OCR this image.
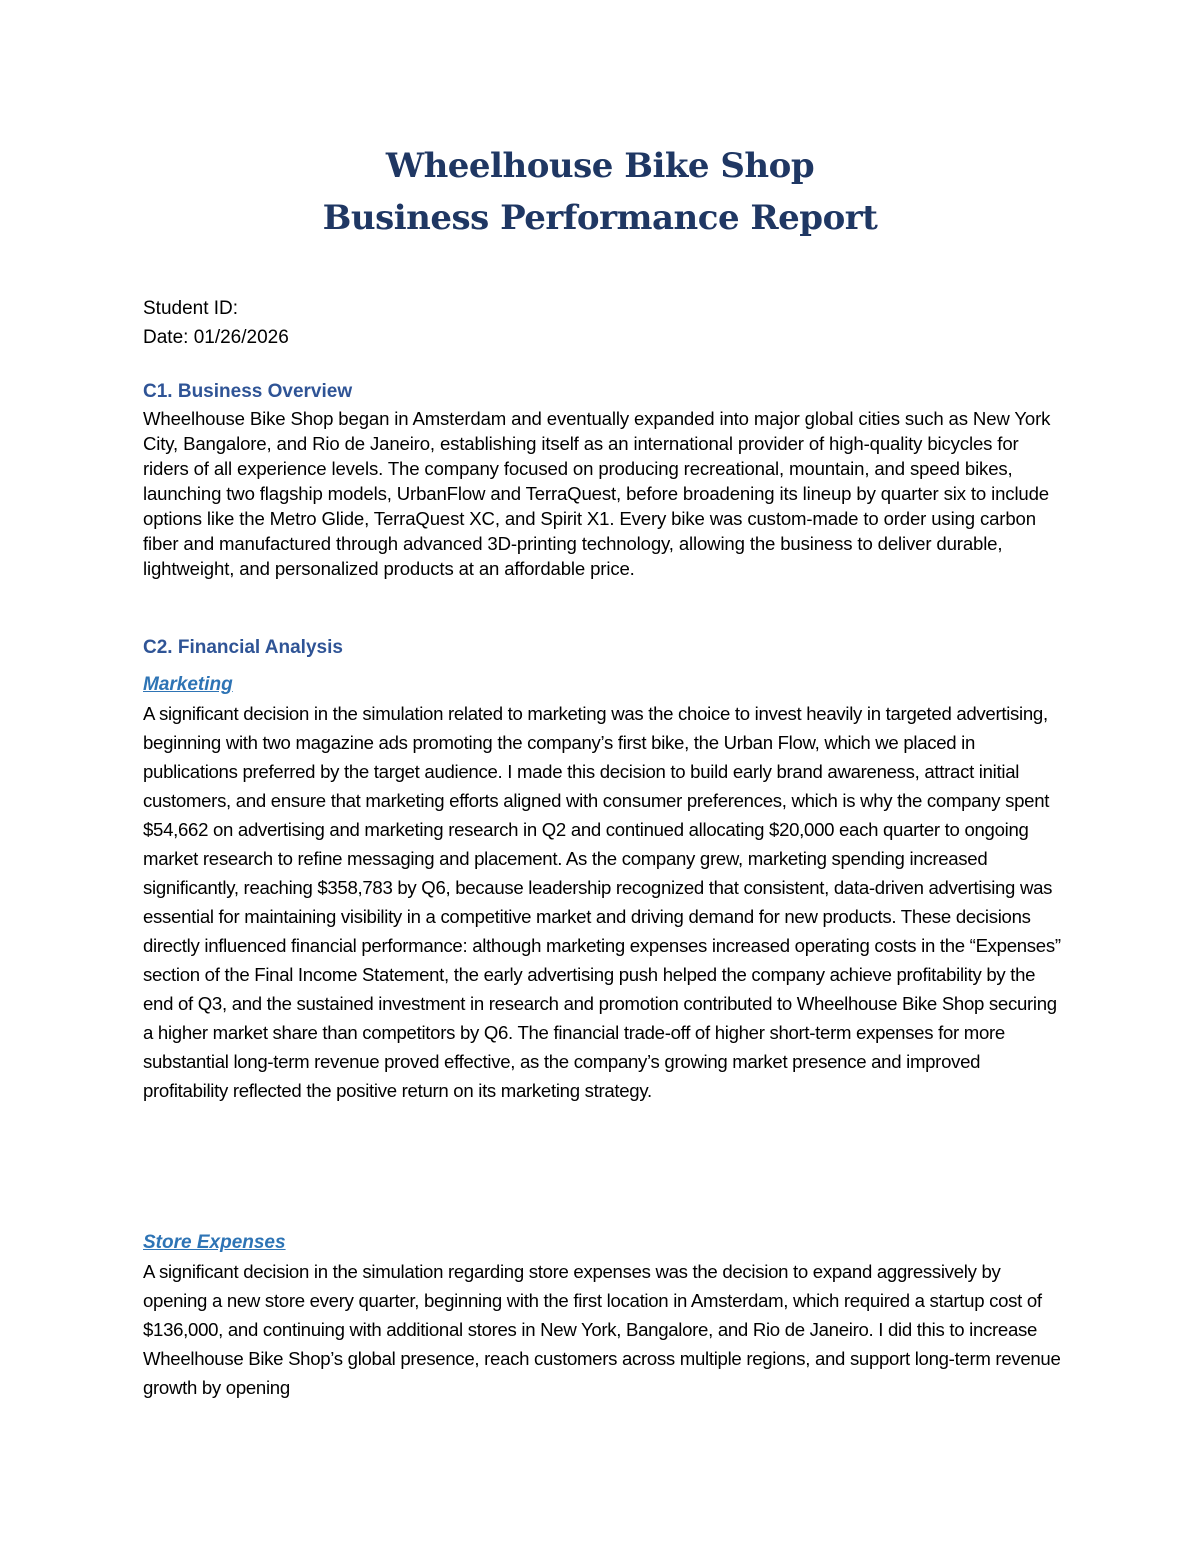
Wheelhouse Bike Shop
Business Performance Report
Student ID:
Date: 01/26/2026

C1. Business Overview

Wheelhouse Bike Shop began in Amsterdam and eventually expanded into major global cities such as New York City, Bangalore, and Rio de Janeiro, establishing itself as an international provider of high-quality bicycles for riders of all experience levels. The company focused on producing recreational, mountain, and speed bikes, launching two flagship models, UrbanFlow and TerraQuest, before broadening its lineup by quarter six to include options like the Metro Glide, TerraQuest XC, and Spirit X1. Every bike was custom-made to order using carbon fiber and manufactured through advanced 3D-printing technology, allowing the business to deliver durable, lightweight, and personalized products at an affordable price.

C2. Financial Analysis

Marketing

A significant decision in the simulation related to marketing was the choice to invest heavily in targeted advertising, beginning with two magazine ads promoting the company’s first bike, the Urban Flow, which we placed in publications preferred by the target audience. I made this decision to build early brand awareness, attract initial customers, and ensure that marketing efforts aligned with consumer preferences, which is why the company spent $54,662 on advertising and marketing research in Q2 and continued allocating $20,000 each quarter to ongoing market research to refine messaging and placement. As the company grew, marketing spending increased significantly, reaching $358,783 by Q6, because leadership recognized that consistent, data-driven advertising was essential for maintaining visibility in a competitive market and driving demand for new products. These decisions directly influenced financial performance: although marketing expenses increased operating costs in the “Expenses” section of the Final Income Statement, the early advertising push helped the company achieve profitability by the end of Q3, and the sustained investment in research and promotion contributed to Wheelhouse Bike Shop securing a higher market share than competitors by Q6. The financial trade-off of higher short-term expenses for more substantial long-term revenue proved effective, as the company’s growing market presence and improved profitability reflected the positive return on its marketing strategy.

Store Expenses

A significant decision in the simulation regarding store expenses was the decision to expand aggressively by opening a new store every quarter, beginning with the first location in Amsterdam, which required a startup cost of $136,000, and continuing with additional stores in New York, Bangalore, and Rio de Janeiro. I did this to increase Wheelhouse Bike Shop’s global presence, reach customers across multiple regions, and support long-term revenue growth by opening
